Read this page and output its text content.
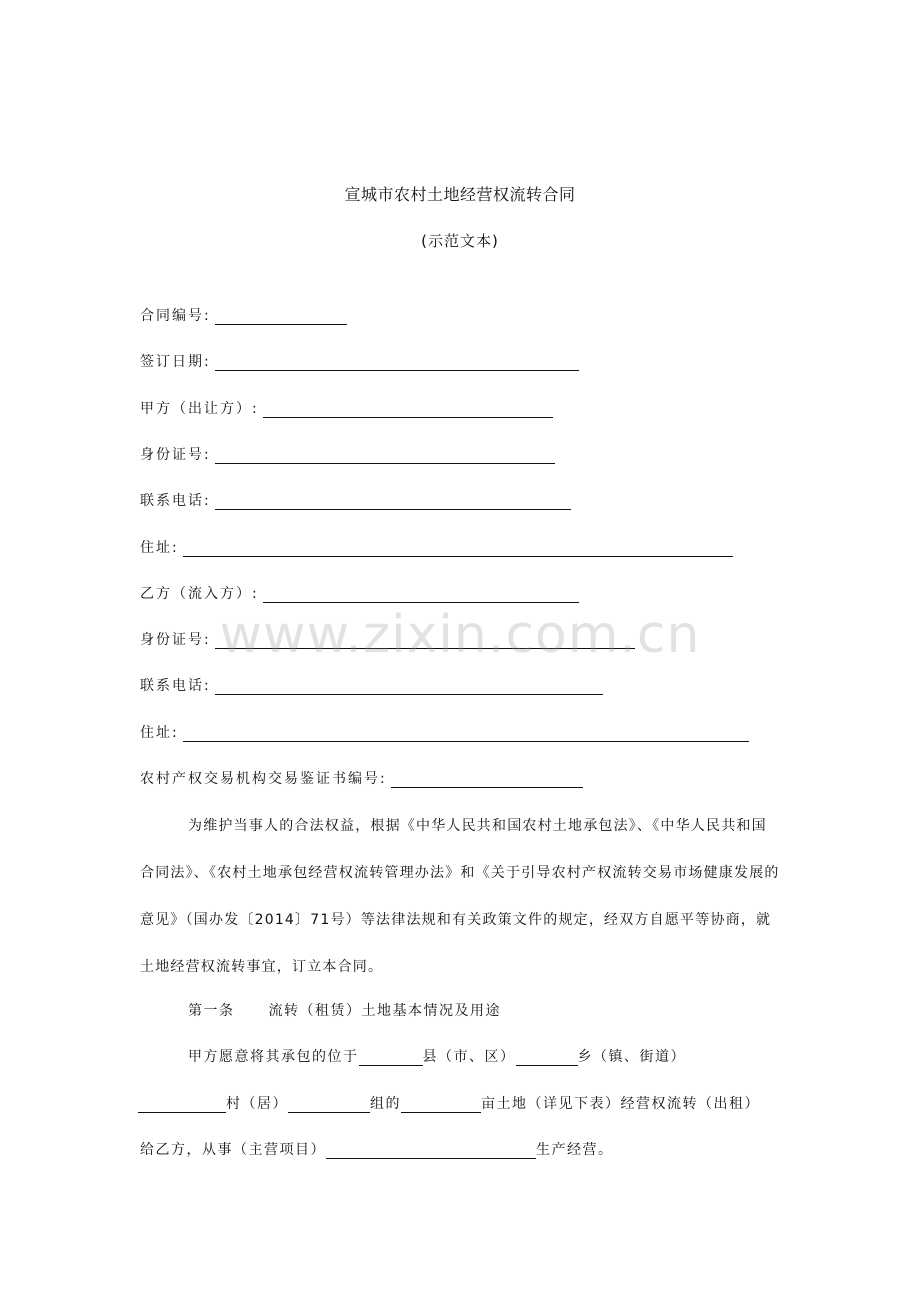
宣城市农村土地经营权流转合同
(示范文本)
合同编号:
签订日期:
甲方（出让方）:
身份证号:
联系电话:
住址:
乙方（流入方）:
身份证号:
联系电话:
住址:
农村产权交易机构交易鉴证书编号:
www.zixin.com.cn
为维护当事人的合法权益，根据《中华人民共和国农村土地承包法》、《中华人民共和国合同法》、《农村土地承包经营权流转管理办法》和《关于引导农村产权流转交易市场健康发展的意见》（国办发〔2014〕71号）等法律法规和有关政策文件的规定，经双方自愿平等协商，就土地经营权流转事宜，订立本合同。
第一条 流转（租赁）土地基本情况及用途
甲方愿意将其承包的位于	县（市、区）	乡（镇、街道）
村（居）	组的	亩土地（详见下表）经营权流转（出租）
给乙方，从事（主营项目）	生产经营。
